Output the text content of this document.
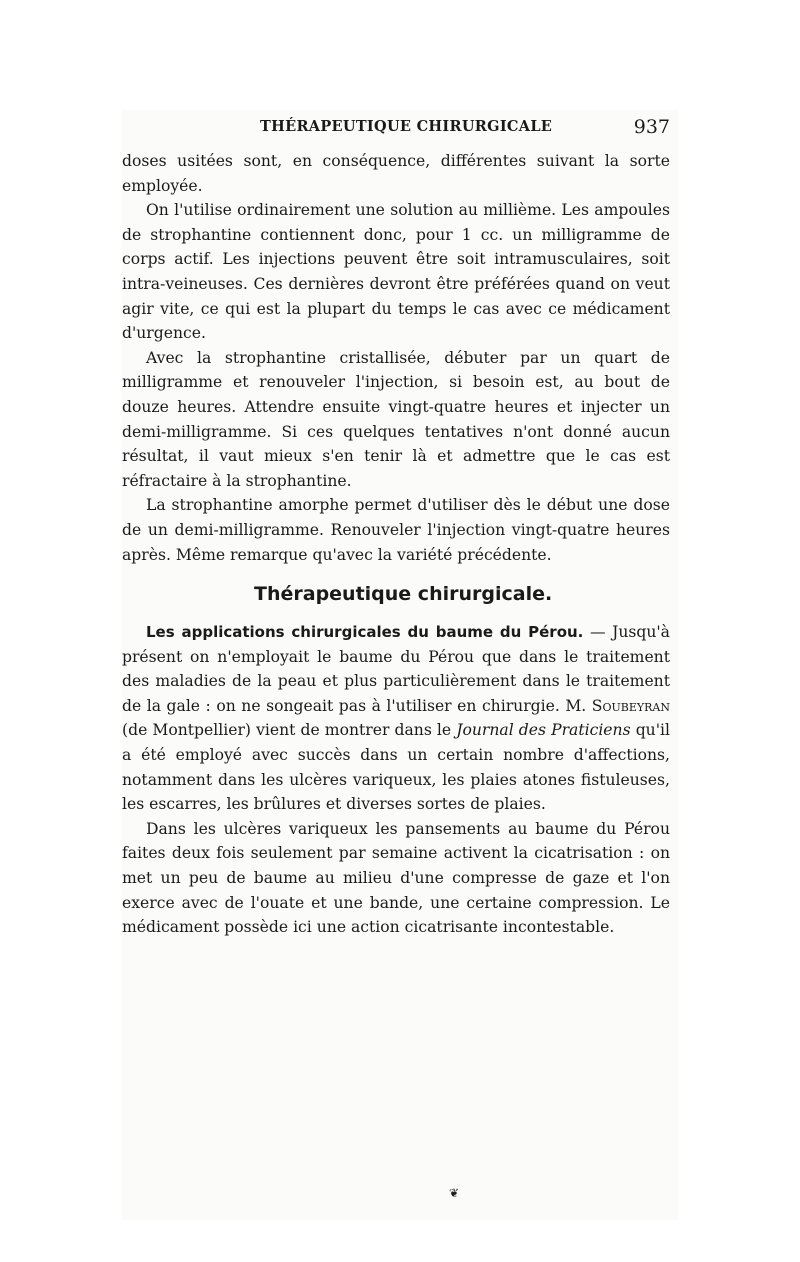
THÉRAPEUTIQUE CHIRURGICALE	937

doses usitées sont, en conséquence, différentes suivant la sorte employée.

On l'utilise ordinairement une solution au millième. Les ampoules de strophantine contiennent donc, pour 1 cc. un milligramme de corps actif. Les injections peuvent être soit intramusculaires, soit intra-veineuses. Ces dernières devront être préférées quand on veut agir vite, ce qui est la plupart du temps le cas avec ce médicament d'urgence.

Avec la strophantine cristallisée, débuter par un quart de milligramme et renouveler l'injection, si besoin est, au bout de douze heures. Attendre ensuite vingt-quatre heures et injecter un demi-milligramme. Si ces quelques tentatives n'ont donné aucun résultat, il vaut mieux s'en tenir là et admettre que le cas est réfractaire à la strophantine.

La strophantine amorphe permet d'utiliser dès le début une dose de un demi-milligramme. Renouveler l'injection vingt-quatre heures après. Même remarque qu'avec la variété précédente.

Thérapeutique chirurgicale.

Les applications chirurgicales du baume du Pérou. — Jusqu'à présent on n'employait le baume du Pérou que dans le traitement des maladies de la peau et plus particulièrement dans le traitement de la gale : on ne songeait pas à l'utiliser en chirurgie. M. Soubeyran (de Montpellier) vient de montrer dans le Journal des Praticiens qu'il a été employé avec succès dans un certain nombre d'affections, notamment dans les ulcères variqueux, les plaies atones fistuleuses, les escarres, les brûlures et diverses sortes de plaies.

Dans les ulcères variqueux les pansements au baume du Pérou faites deux fois seulement par semaine activent la cicatrisation : on met un peu de baume au milieu d'une compresse de gaze et l'on exerce avec de l'ouate et une bande, une certaine compression. Le médicament possède ici une action cicatrisante incontestable.

❦
